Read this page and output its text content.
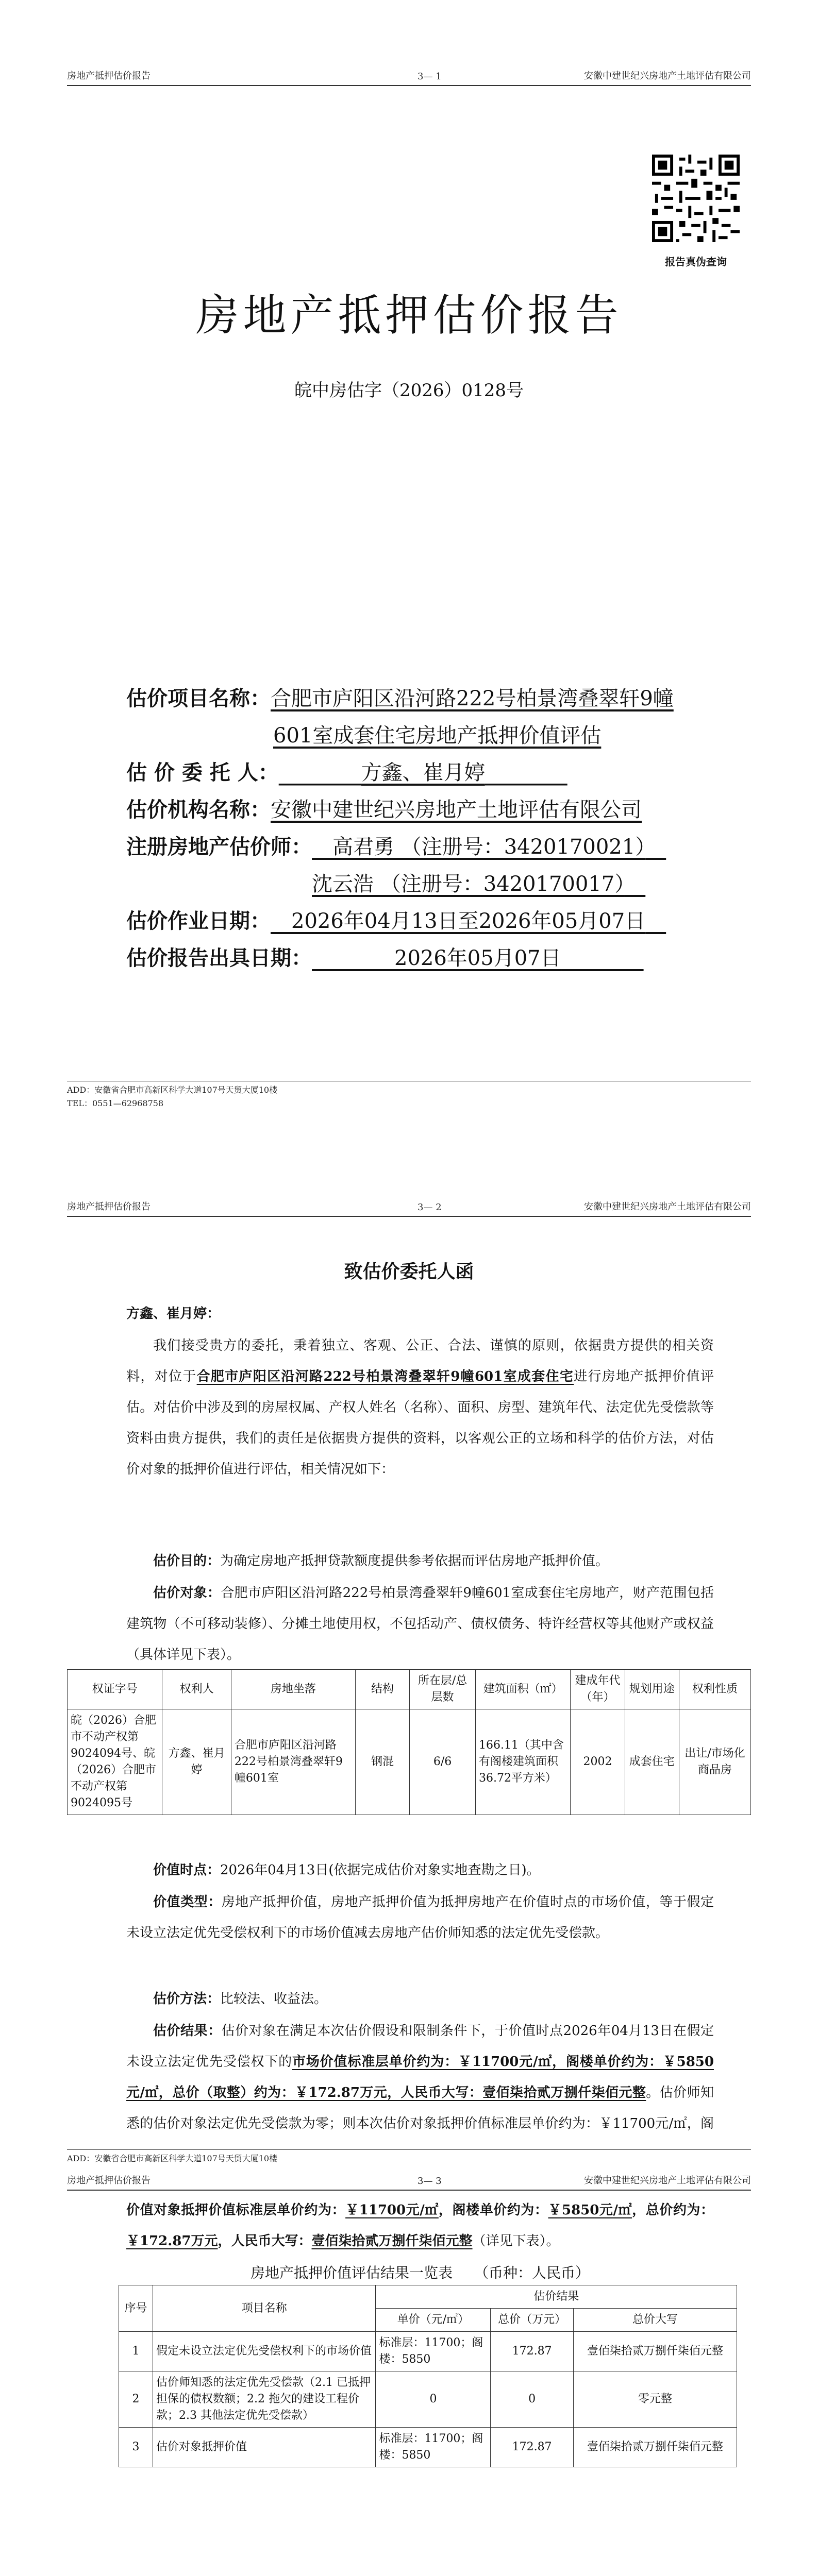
房地产抵押估价报告	3— 1	安徽中建世纪兴房地产土地评估有限公司
报告真伪查询
房地产抵押估价报告
皖中房估字（2026）0128号
估价项目名称：合肥市庐阳区沿河路222号柏景湾叠翠轩9幢
601室成套住宅房地产抵押价值评估
估 价 委 托 人：　　　　	方鑫、崔月婷　　　　
估价机构名称：安徽中建世纪兴房地产土地评估有限公司
注册房地产估价师：　 高君勇 （注册号：3420170021）　
沈云浩 （注册号：3420170017）　
估价作业日期：　 2026年04月13日至2026年05月07日　
估价报告出具日期：　　　　	2026年05月07日　　　　
ADD：安徽省合肥市高新区科学大道107号天贸大厦10楼
TEL：0551—62968758
房地产抵押估价报告	3— 2	安徽中建世纪兴房地产土地评估有限公司
致估价委托人函
方鑫、崔月婷：
我们接受贵方的委托，秉着独立、客观、公正、合法、谨慎的原则，依据贵方提供的相关资料，对位于合肥市庐阳区沿河路222号柏景湾叠翠轩9幢601室成套住宅进行房地产抵押价值评估。对估价中涉及到的房屋权属、产权人姓名（名称）、面积、房型、建筑年代、法定优先受偿款等资料由贵方提供，我们的责任是依据贵方提供的资料，以客观公正的立场和科学的估价方法，对估价对象的抵押价值进行评估，相关情况如下：
估价目的：为确定房地产抵押贷款额度提供参考依据而评估房地产抵押价值。
估价对象：合肥市庐阳区沿河路222号柏景湾叠翠轩9幢601室成套住宅房地产，财产范围包括建筑物（不可移动装修）、分摊土地使用权，不包括动产、债权债务、特许经营权等其他财产或权益（具体详见下表）。
权证字号	权利人	房地坐落	结构	所在层/总层数	建筑面积（㎡）	建成年代（年）	规划用途	权利性质
皖（2026）合肥市不动产权第9024094号、皖（2026）合肥市不动产权第9024095号	方鑫、崔月婷	合肥市庐阳区沿河路222号柏景湾叠翠轩9幢601室	钢混	6/6	166.11（其中含有阁楼建筑面积36.72平方米）	2002	成套住宅	出让/市场化商品房
价值时点：2026年04月13日(依据完成估价对象实地查勘之日)。
价值类型：房地产抵押价值，房地产抵押价值为抵押房地产在价值时点的市场价值，等于假定未设立法定优先受偿权利下的市场价值减去房地产估价师知悉的法定优先受偿款。
估价方法：比较法、收益法。
估价结果：估价对象在满足本次估价假设和限制条件下，于价值时点2026年04月13日在假定未设立法定优先受偿权下的市场价值标准层单价约为：￥11700元/㎡，阁楼单价约为：￥5850元/㎡，总价（取整）约为：￥172.87万元，人民币大写：壹佰柒拾贰万捌仟柒佰元整。估价师知悉的估价对象法定优先受偿款为零；则本次估价对象抵押价值标准层单价约为：￥11700元/㎡，阁
ADD：安徽省合肥市高新区科学大道107号天贸大厦10楼
房地产抵押估价报告	3— 3	安徽中建世纪兴房地产土地评估有限公司
价值对象抵押价值标准层单价约为：￥11700元/㎡，阁楼单价约为：￥5850元/㎡，总价约为：￥172.87万元，人民币大写：壹佰柒拾贰万捌仟柒佰元整（详见下表）。
房地产抵押价值评估结果一览表　　（币种：人民币）
序号	项目名称	估价结果		
		单价（元/㎡）	总价（万元）	总价大写
1	假定未设立法定优先受偿权利下的市场价值	标准层：11700；阁楼：5850	172.87	壹佰柒拾贰万捌仟柒佰元整
2	估价师知悉的法定优先受偿款（2.1 已抵押担保的债权数额；2.2 拖欠的建设工程价款；2.3 其他法定优先受偿款）	0	0	零元整
3	估价对象抵押价值	标准层：11700；阁楼：5850	172.87	壹佰柒拾贰万捌仟柒佰元整
